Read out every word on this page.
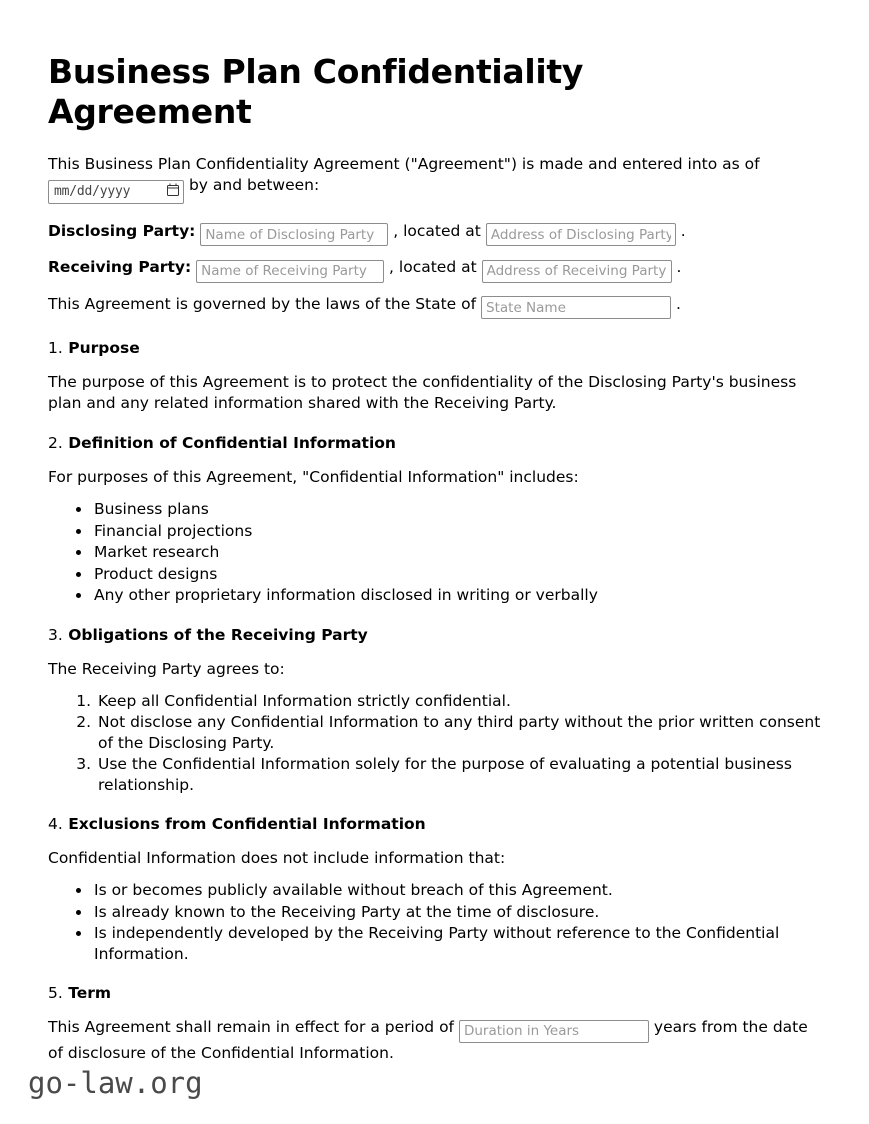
Business Plan Confidentiality Agreement

This Business Plan Confidentiality Agreement ("Agreement") is made and entered into as of
mm/dd/yyyy	by and between:

Disclosing Party: Name of Disclosing Party	, located at Address of Disclosing Party	.

Receiving Party: Name of Receiving Party	, located at Address of Receiving Party	.

This Agreement is governed by the laws of the State of State Name	.

1. Purpose

The purpose of this Agreement is to protect the confidentiality of the Disclosing Party's business plan and any related information shared with the Receiving Party.

2. Definition of Confidential Information

For purposes of this Agreement, "Confidential Information" includes:

• Business plans
• Financial projections
• Market research
• Product designs
• Any other proprietary information disclosed in writing or verbally
3. Obligations of the Receiving Party

The Receiving Party agrees to:

1. Keep all Confidential Information strictly confidential.
2. Not disclose any Confidential Information to any third party without the prior written consent of the Disclosing Party.
3. Use the Confidential Information solely for the purpose of evaluating a potential business relationship.
4. Exclusions from Confidential Information

Confidential Information does not include information that:

• Is or becomes publicly available without breach of this Agreement.
• Is already known to the Receiving Party at the time of disclosure.
• Is independently developed by the Receiving Party without reference to the Confidential Information.
5. Term

This Agreement shall remain in effect for a period of Duration in Years	years from the date of disclosure of the Confidential Information.

go-law.org
